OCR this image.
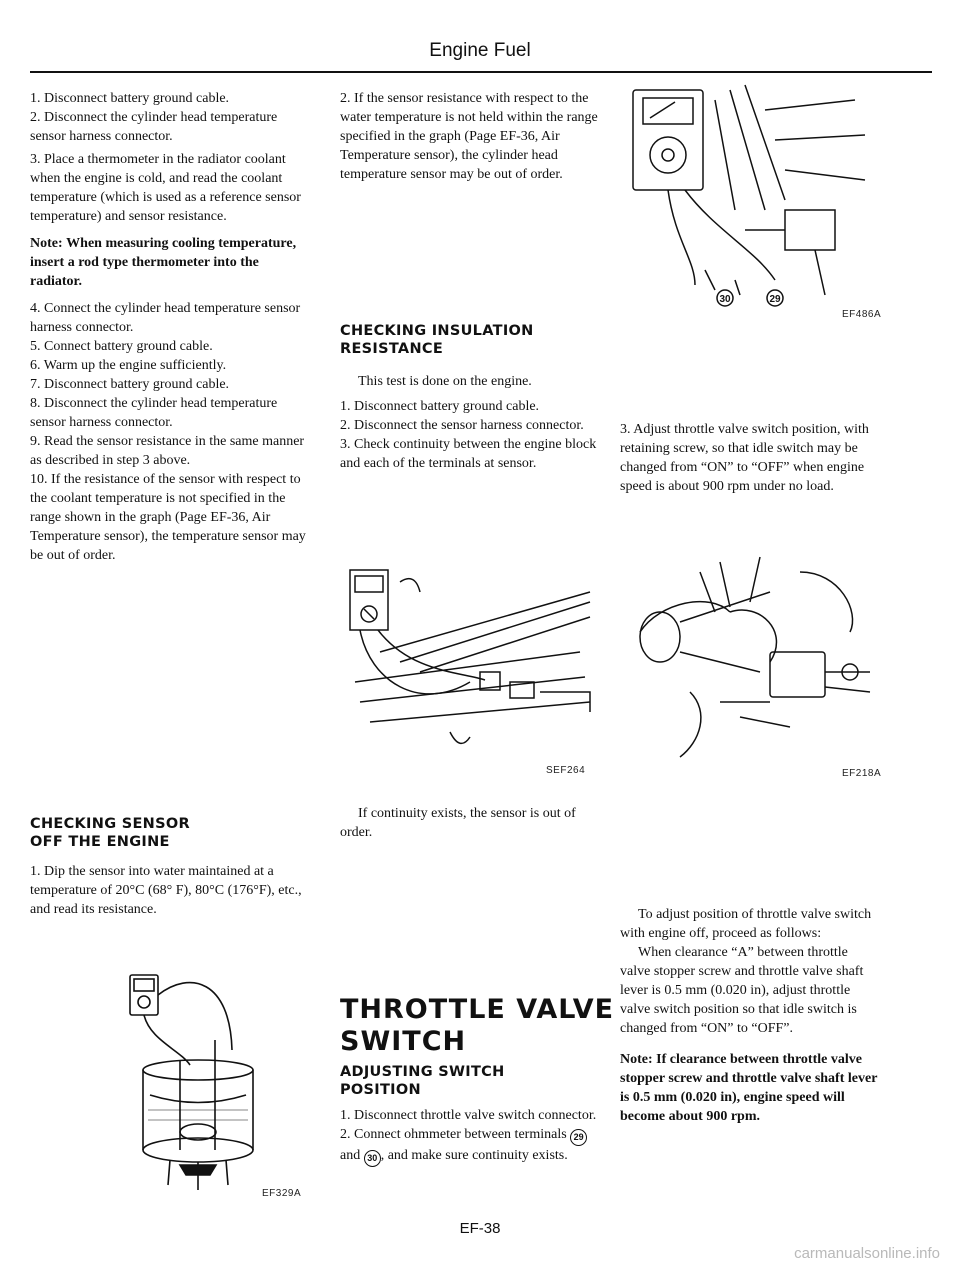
Engine Fuel

1. Disconnect battery ground cable.

2. Disconnect the cylinder head temperature sensor harness connector.

3. Place a thermometer in the radiator coolant when the engine is cold, and read the coolant temperature (which is used as a reference sensor temperature) and sensor resistance.

Note: When measuring cooling temperature, insert a rod type thermometer into the radiator.

4. Connect the cylinder head temperature sensor harness connector.

5. Connect battery ground cable.

6. Warm up the engine sufficiently.

7. Disconnect battery ground cable.

8. Disconnect the cylinder head temperature sensor harness connector.

9. Read the sensor resistance in the same manner as described in step 3 above.

10. If the resistance of the sensor with respect to the coolant temperature is not specified in the range shown in the graph (Page EF-36, Air Temperature sensor), the temperature sensor may be out of order.

CHECKING SENSOR
OFF THE ENGINE

1. Dip the sensor into water maintained at a temperature of 20°C (68° F), 80°C (176°F), etc., and read its resistance.

EF329A

2. If the sensor resistance with respect to the water temperature is not held within the range specified in the graph (Page EF-36, Air Temperature sensor), the cylinder head temperature sensor may be out of order.

CHECKING INSULATION
RESISTANCE

This test is done on the engine.

1. Disconnect battery ground cable.

2. Disconnect the sensor harness connector.

3. Check continuity between the engine block and each of the terminals at sensor.

SEF264

If continuity exists, the sensor is out of order.

THROTTLE VALVE
SWITCH
ADJUSTING SWITCH
POSITION

1. Disconnect throttle valve switch connector.

2. Connect ohmmeter between terminals 29 and 30 , and make sure continuity exists.

30	29
EF486A

3. Adjust throttle valve switch position, with retaining screw, so that idle switch may be changed from “ON” to “OFF” when engine speed is about 900 rpm under no load.

EF218A

To adjust position of throttle valve switch with engine off, proceed as follows:

When clearance “A” between throttle valve stopper screw and throttle valve shaft lever is 0.5 mm (0.020 in), adjust throttle valve switch position so that idle switch is changed from “ON” to “OFF”.

Note: If clearance between throttle valve stopper screw and throttle valve shaft lever is 0.5 mm (0.020 in), engine speed will become about 900 rpm.

EF-38
carmanualsonline.info
